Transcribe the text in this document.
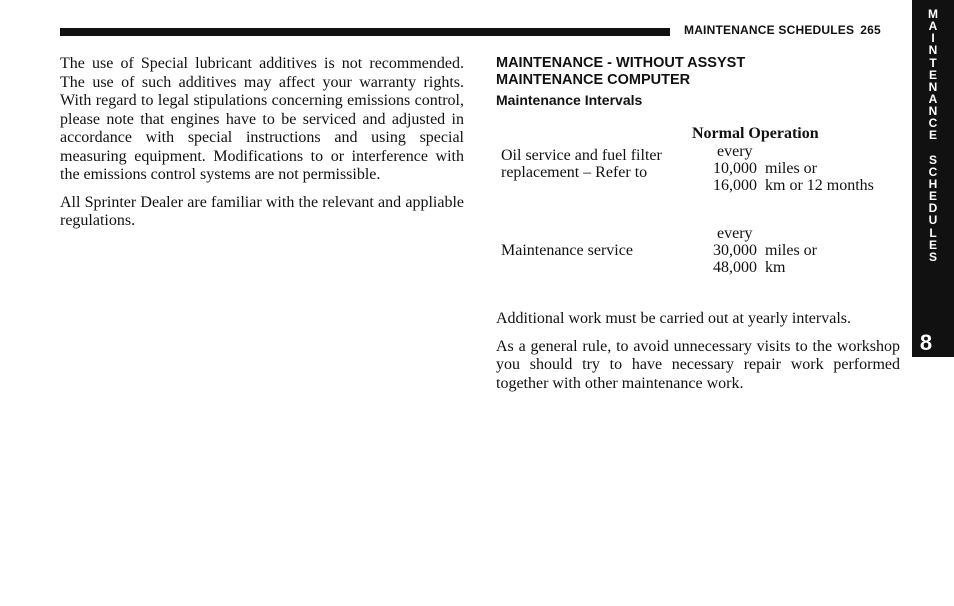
MAINTENANCE SCHEDULES 265
M
A
I
N
T
E
N
A
N
C
E
S
C
H
E
D
U
L
E
S
8

The use of Special lubricant additives is not recommended. The use of such additives may affect your warranty rights. With regard to legal stipulations concerning emissions control, please note that engines have to be serviced and adjusted in accordance with special instructions and using special measuring equipment. Modifications to or interference with the emissions control systems are not permissible.

All Sprinter Dealer are familiar with the relevant and appliable regulations.

MAINTENANCE - WITHOUT ASSYST
MAINTENANCE COMPUTER
Maintenance Intervals
Normal Operation
Oil service and fuel filter
replacement – Refer to
every
10,000 miles or
16,000 km or 12 months
Maintenance service
every
30,000 miles or
48,000 km

Additional work must be carried out at yearly intervals.

As a general rule, to avoid unnecessary visits to the workshop you should try to have necessary repair work performed together with other maintenance work.
